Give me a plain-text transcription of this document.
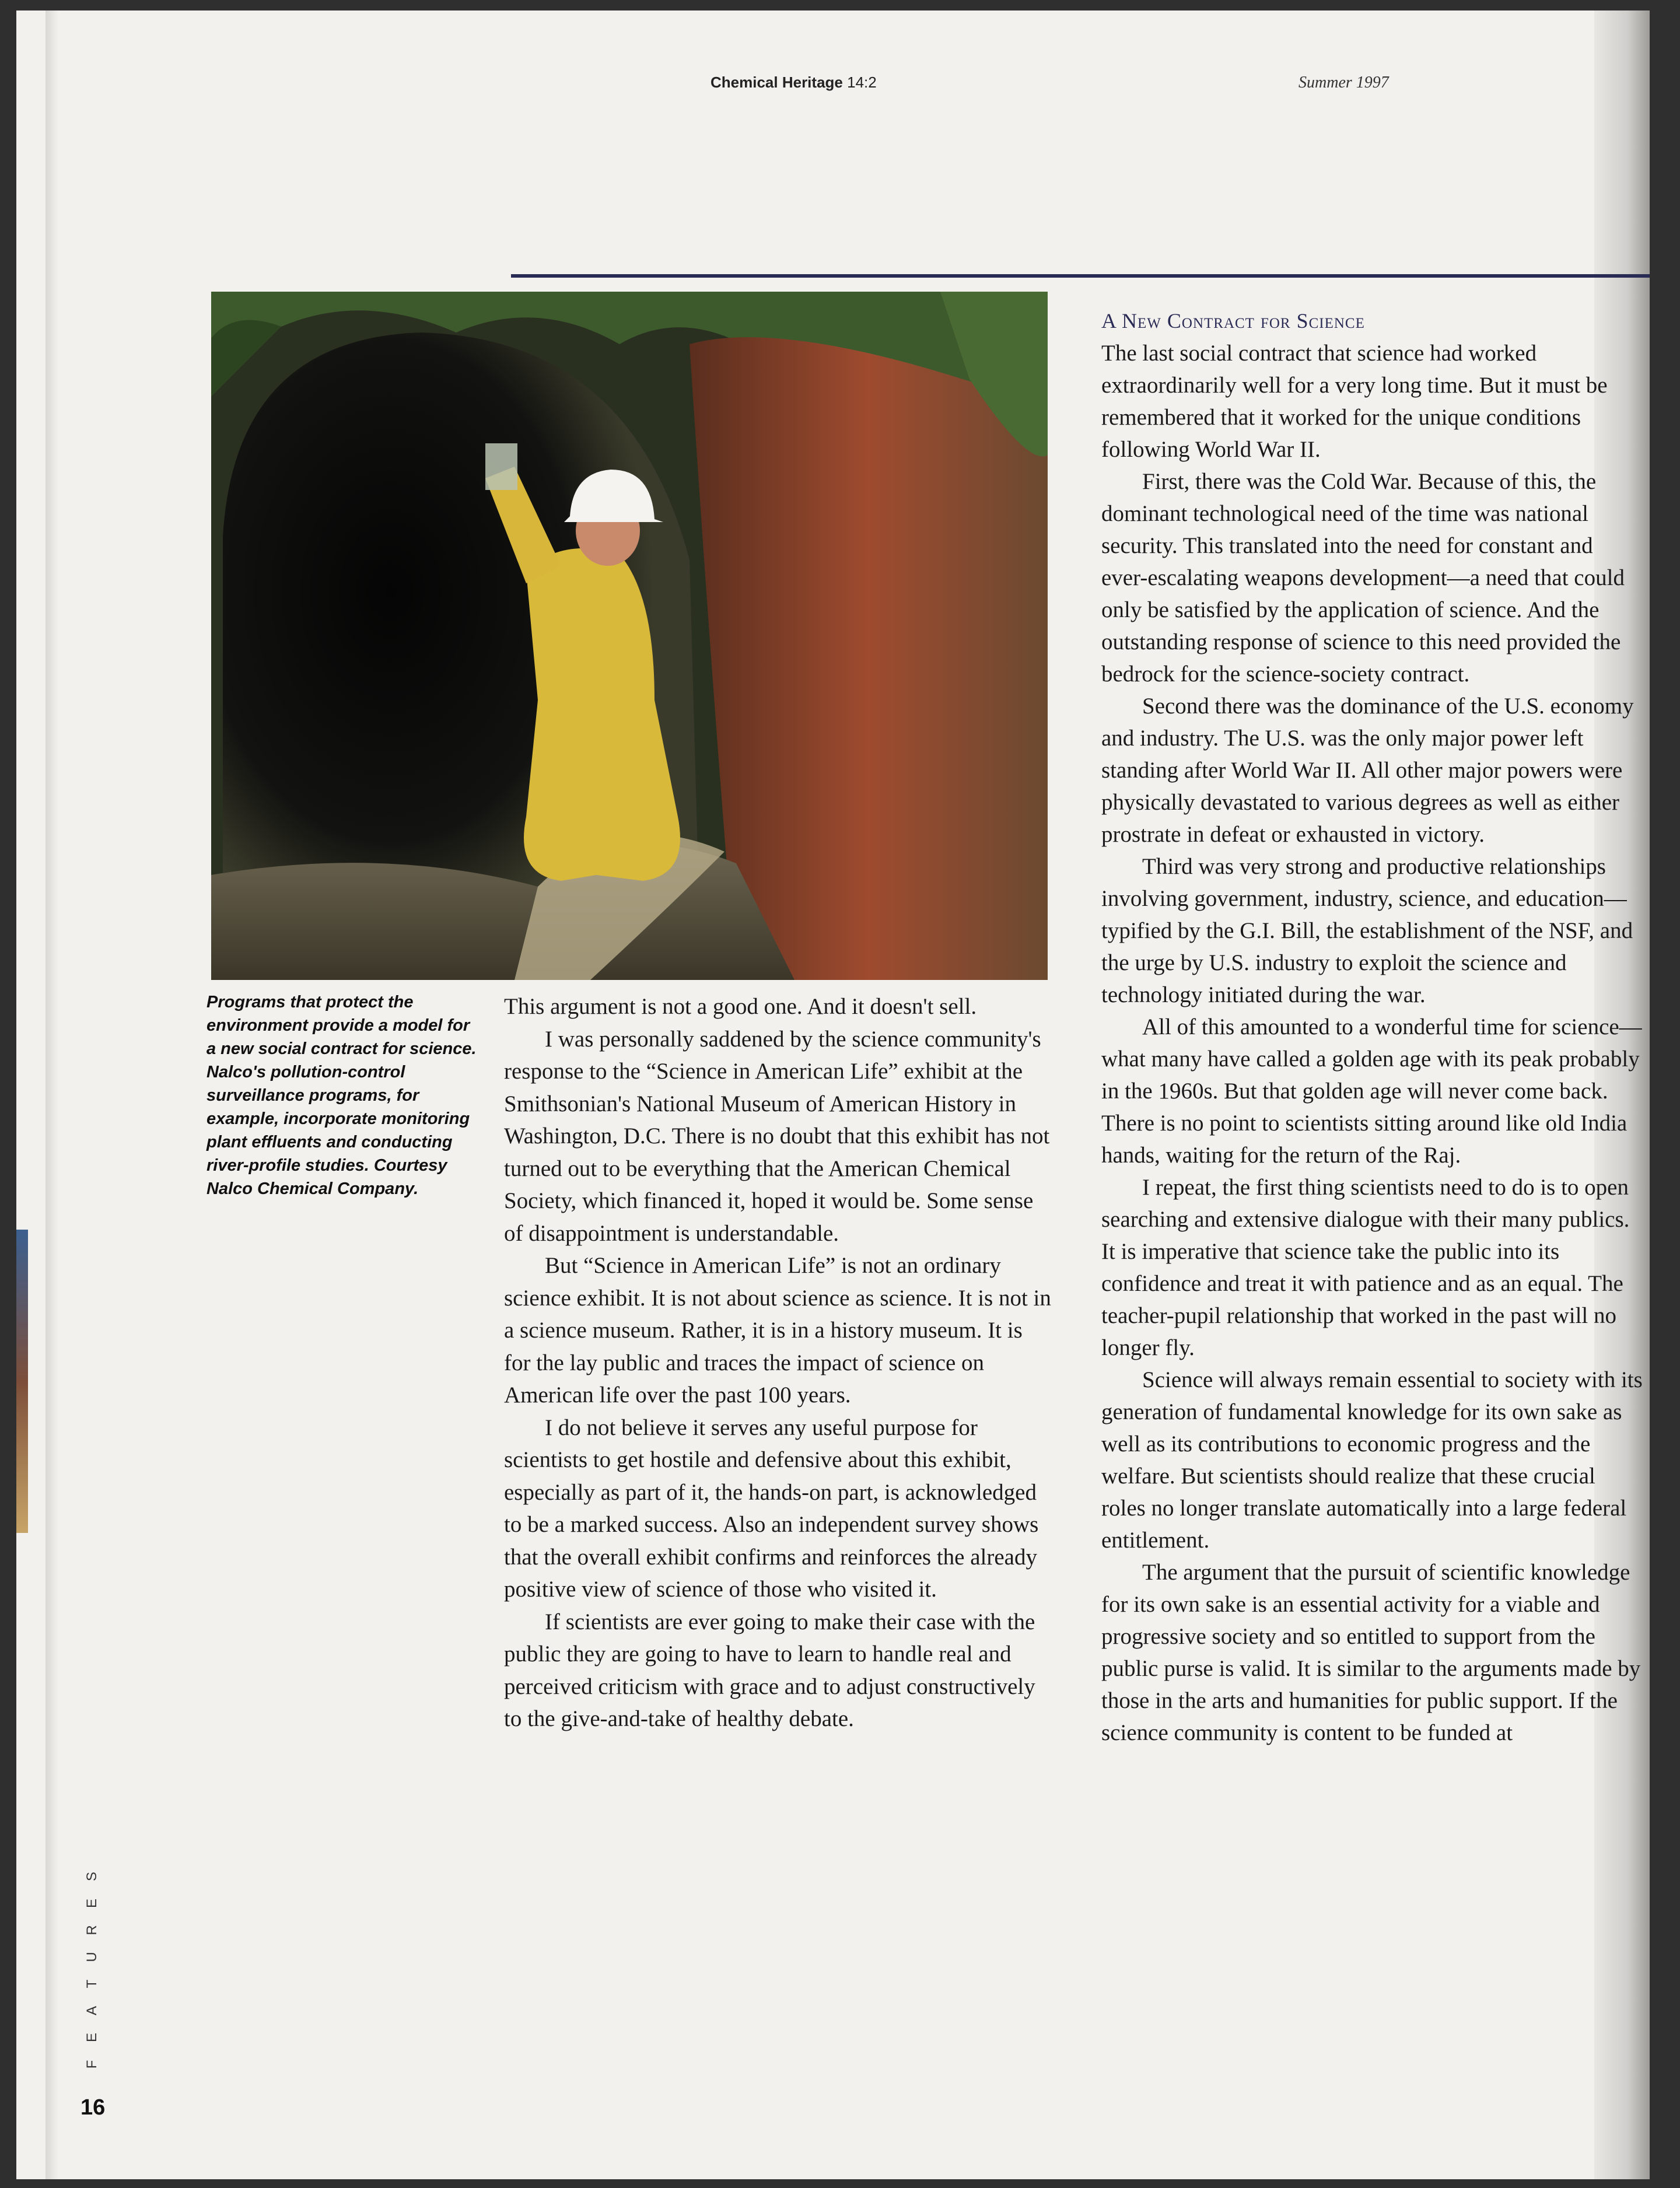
Chemical Heritage 14:2	Summer 1997
Programs that protect the environment provide a model for a new social contract for science. Nalco's pollution-control surveillance programs, for example, incorporate monitoring plant effluents and conducting river-profile studies. Courtesy Nalco Chemical Company.

This argument is not a good one. And it doesn't sell.

I was personally saddened by the science community's response to the “Science in American Life” exhibit at the Smithsonian's National Museum of American History in Washington, D.C. There is no doubt that this exhibit has not turned out to be everything that the American Chemical Society, which financed it, hoped it would be. Some sense of disappointment is understandable.

But “Science in American Life” is not an ordinary science exhibit. It is not about science as science. It is not in a science museum. Rather, it is in a history museum. It is for the lay public and traces the impact of science on American life over the past 100 years.

I do not believe it serves any useful purpose for scientists to get hostile and defensive about this exhibit, especially as part of it, the hands-on part, is acknowledged to be a marked success. Also an independent survey shows that the overall exhibit confirms and reinforces the already positive view of science of those who visited it.

If scientists are ever going to make their case with the public they are going to have to learn to handle real and perceived criticism with grace and to adjust constructively to the give-and-take of healthy debate.

A New Contract for Science

The last social contract that science had worked extraordinarily well for a very long time. But it must be remembered that it worked for the unique conditions following World War II.

First, there was the Cold War. Because of this, the dominant technological need of the time was national security. This translated into the need for constant and ever-escalating weapons development—a need that could only be satisfied by the application of science. And the outstanding response of science to this need provided the bedrock for the science-society contract.

Second there was the dominance of the U.S. economy and industry. The U.S. was the only major power left standing after World War II. All other major powers were physically devastated to various degrees as well as either prostrate in defeat or exhausted in victory.

Third was very strong and productive relationships involving government, industry, science, and education—typified by the G.I. Bill, the establishment of the NSF, and the urge by U.S. industry to exploit the science and technology initiated during the war.

All of this amounted to a wonderful time for science—what many have called a golden age with its peak probably in the 1960s. But that golden age will never come back. There is no point to scientists sitting around like old India hands, waiting for the return of the Raj.

I repeat, the first thing scientists need to do is to open searching and extensive dialogue with their many publics. It is imperative that science take the public into its confidence and treat it with patience and as an equal. The teacher-pupil relationship that worked in the past will no longer fly.

Science will always remain essential to society with its generation of fundamental knowledge for its own sake as well as its contributions to economic progress and the welfare. But scientists should realize that these crucial roles no longer translate automatically into a large federal entitlement.

The argument that the pursuit of scientific knowledge for its own sake is an essential activity for a viable and progressive society and so entitled to support from the public purse is valid. It is similar to the arguments made by those in the arts and humanities for public support. If the science community is content to be funded at

S
E
R
U
T
A
E
F
16
